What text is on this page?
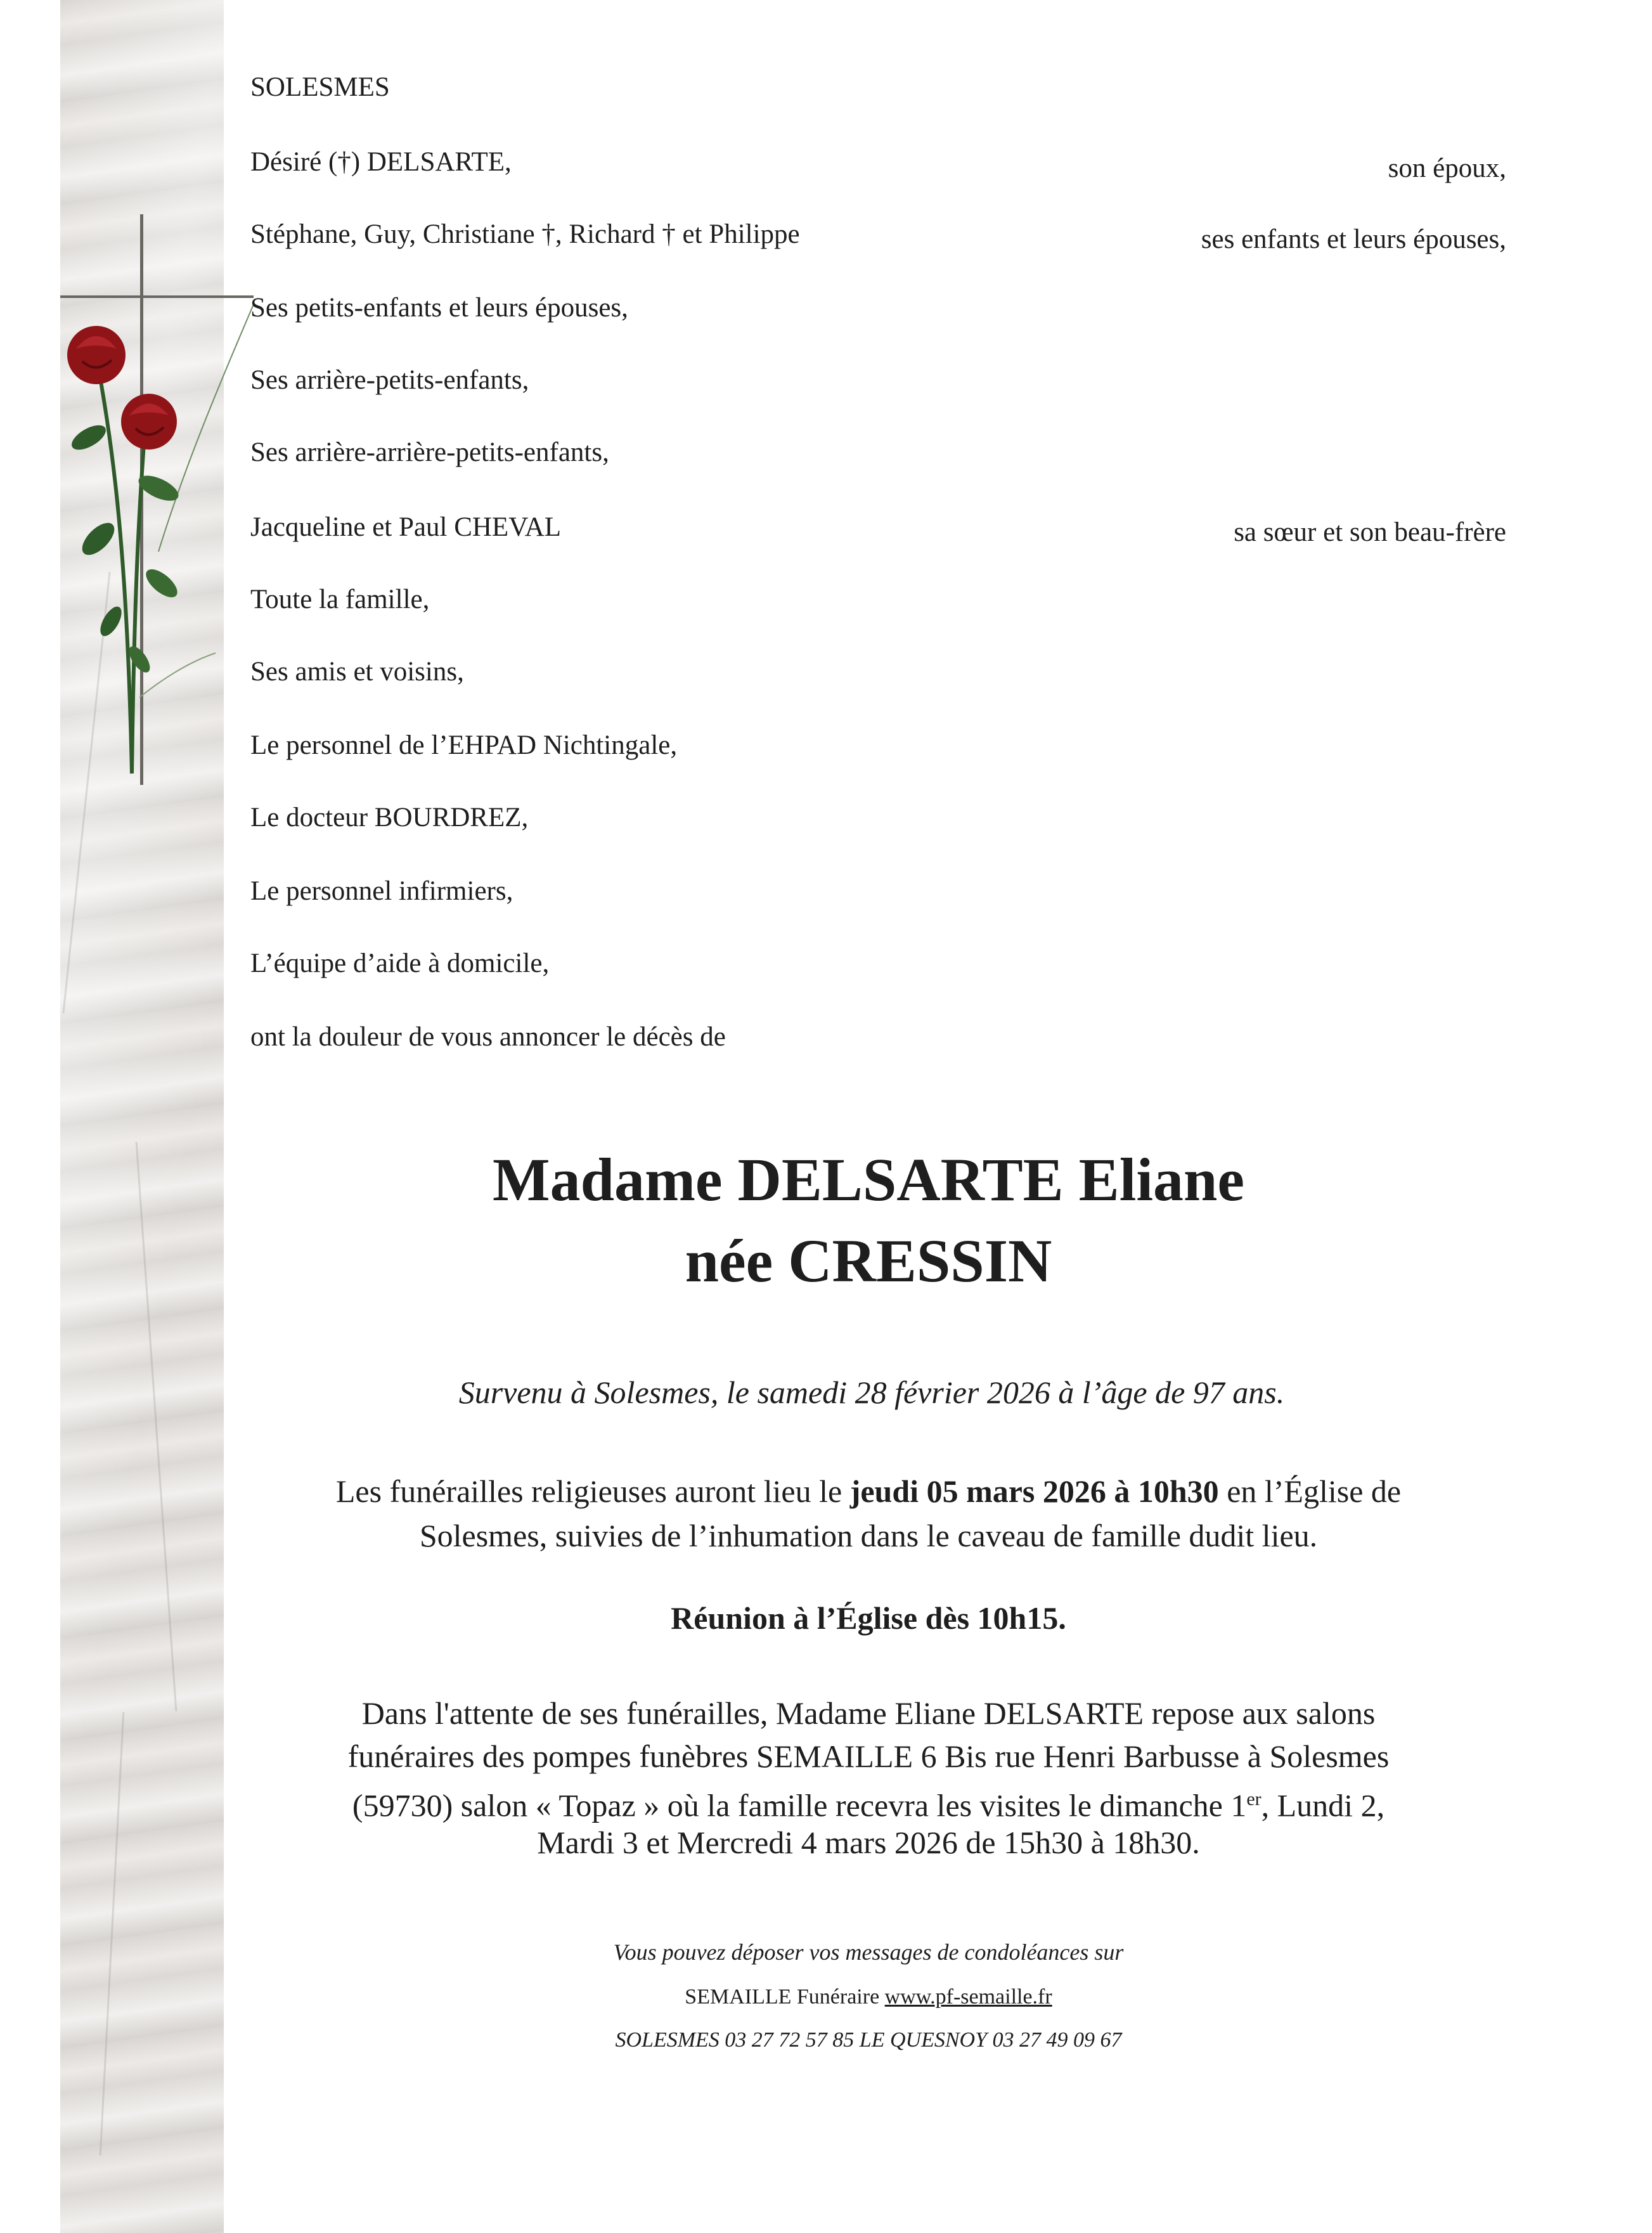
SOLESMES
Désiré (†) DELSARTE,	son époux,
Stéphane, Guy, Christiane †, Richard † et Philippe	ses enfants et leurs épouses,
Ses petits-enfants et leurs épouses,
Ses arrière-petits-enfants,
Ses arrière-arrière-petits-enfants,
Jacqueline et Paul CHEVAL	sa sœur et son beau-frère
Toute la famille,
Ses amis et voisins,
Le personnel de l’EHPAD Nichtingale,
Le docteur BOURDREZ,
Le personnel infirmiers,
L’équipe d’aide à domicile,
ont la douleur de vous annoncer le décès de
Madame DELSARTE Eliane
née CRESSIN
Survenu à Solesmes, le samedi 28 février 2026 à l’âge de 97 ans.
Les funérailles religieuses auront lieu le jeudi 05 mars 2026 à 10h30 en l’Église de
Solesmes, suivies de l’inhumation dans le caveau de famille dudit lieu.
Réunion à l’Église dès 10h15.
Dans l'attente de ses funérailles, Madame Eliane DELSARTE repose aux salons
funéraires des pompes funèbres SEMAILLE 6 Bis rue Henri Barbusse à Solesmes
(59730) salon « Topaz » où la famille recevra les visites le dimanche 1er, Lundi 2,
Mardi 3 et Mercredi 4 mars 2026 de 15h30 à 18h30.
Vous pouvez déposer vos messages de condoléances sur
SEMAILLE Funéraire www.pf-semaille.fr
SOLESMES 03 27 72 57 85 LE QUESNOY 03 27 49 09 67
